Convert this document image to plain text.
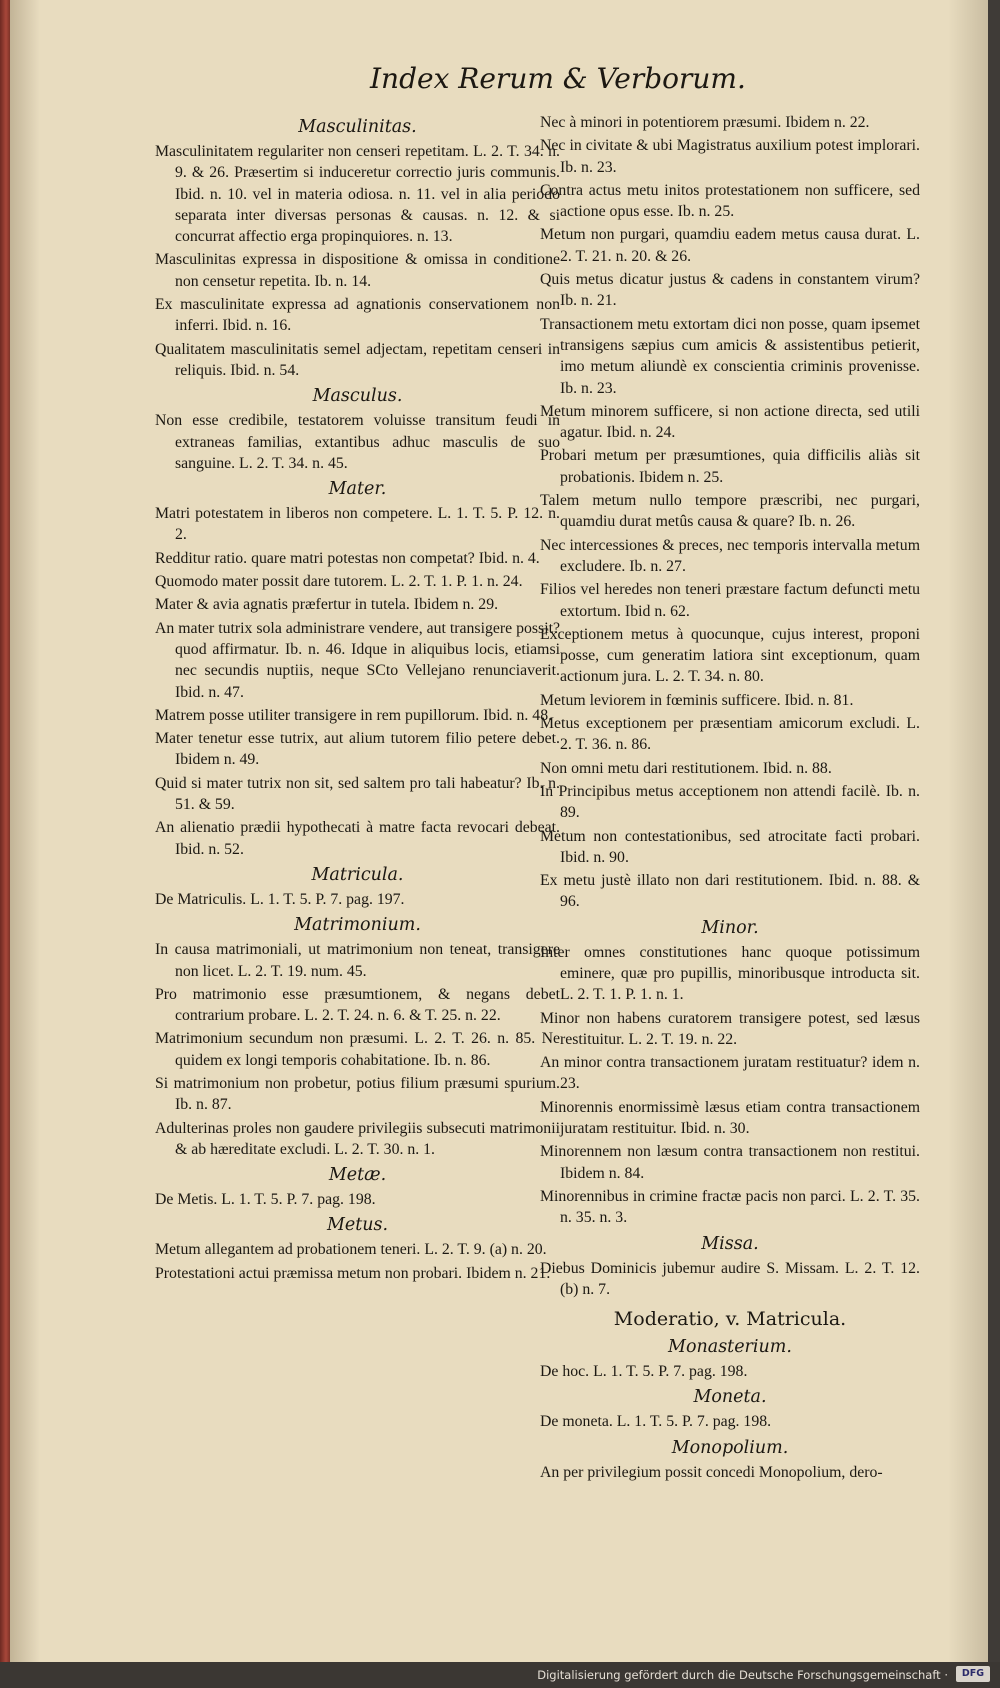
Index Rerum & Verborum.
Masculinitas.
Masculinitatem regulariter non censeri repetitam. L. 2. T. 34. n. 9. & 26. Præsertim si induceretur correctio juris communis. Ibid. n. 10. vel in materia odiosa. n. 11. vel in alia periodo separata inter diversas personas & causas. n. 12. & si concurrat affectio erga propinquiores. n. 13.
Masculinitas expressa in dispositione & omissa in conditione non censetur repetita. Ib. n. 14.
Ex masculinitate expressa ad agnationis conservationem non inferri. Ibid. n. 16.
Qualitatem masculinitatis semel adjectam, repetitam censeri in reliquis. Ibid. n. 54.
Masculus.
Non esse credibile, testatorem voluisse transitum feudi in extraneas familias, extantibus adhuc masculis de suo sanguine. L. 2. T. 34. n. 45.
Mater.
Matri potestatem in liberos non competere. L. 1. T. 5. P. 12. n. 2.
Redditur ratio. quare matri potestas non competat? Ibid. n. 4.
Quomodo mater possit dare tutorem. L. 2. T. 1. P. 1. n. 24.
Mater & avia agnatis præfertur in tutela. Ibidem n. 29.
An mater tutrix sola administrare vendere, aut transigere possit? quod affirmatur. Ib. n. 46. Idque in aliquibus locis, etiamsi nec secundis nuptiis, neque SCto Vellejano renunciaverit. Ibid. n. 47.
Matrem posse utiliter transigere in rem pupillorum. Ibid. n. 48.
Mater tenetur esse tutrix, aut alium tutorem filio petere debet. Ibidem n. 49.
Quid si mater tutrix non sit, sed saltem pro tali habeatur? Ib. n. 51. & 59.
An alienatio prædii hypothecati à matre facta revocari debeat. Ibid. n. 52.
Matricula.
De Matriculis. L. 1. T. 5. P. 7. pag. 197.
Matrimonium.
In causa matrimoniali, ut matrimonium non teneat, transigere non licet. L. 2. T. 19. num. 45.
Pro matrimonio esse præsumtionem, & negans debet contrarium probare. L. 2. T. 24. n. 6. & T. 25. n. 22.
Matrimonium secundum non præsumi. L. 2. T. 26. n. 85. Ne quidem ex longi temporis cohabitatione. Ib. n. 86.
Si matrimonium non probetur, potius filium præsumi spurium. Ib. n. 87.
Adulterinas proles non gaudere privilegiis subsecuti matrimonii & ab hæreditate excludi. L. 2. T. 30. n. 1.
Metæ.
De Metis. L. 1. T. 5. P. 7. pag. 198.
Metus.
Metum allegantem ad probationem teneri. L. 2. T. 9. (a) n. 20.
Protestationi actui præmissa metum non probari. Ibidem n. 21.
Nec à minori in potentiorem præsumi. Ibidem n. 22.
Nec in civitate & ubi Magistratus auxilium potest implorari. Ib. n. 23.
Contra actus metu initos protestationem non sufficere, sed actione opus esse. Ib. n. 25.
Metum non purgari, quamdiu eadem metus causa durat. L. 2. T. 21. n. 20. & 26.
Quis metus dicatur justus & cadens in constantem virum? Ib. n. 21.
Transactionem metu extortam dici non posse, quam ipsemet transigens sæpius cum amicis & assistentibus petierit, imo metum aliundè ex conscientia criminis provenisse. Ib. n. 23.
Metum minorem sufficere, si non actione directa, sed utili agatur. Ibid. n. 24.
Probari metum per præsumtiones, quia difficilis aliàs sit probationis. Ibidem n. 25.
Talem metum nullo tempore præscribi, nec purgari, quamdiu durat metûs causa & quare? Ib. n. 26.
Nec intercessiones & preces, nec temporis intervalla metum excludere. Ib. n. 27.
Filios vel heredes non teneri præstare factum defuncti metu extortum. Ibid n. 62.
Exceptionem metus à quocunque, cujus interest, proponi posse, cum generatim latiora sint exceptionum, quam actionum jura. L. 2. T. 34. n. 80.
Metum leviorem in fœminis sufficere. Ibid. n. 81.
Metus exceptionem per præsentiam amicorum excludi. L. 2. T. 36. n. 86.
Non omni metu dari restitutionem. Ibid. n. 88.
In Principibus metus acceptionem non attendi facilè. Ib. n. 89.
Metum non contestationibus, sed atrocitate facti probari. Ibid. n. 90.
Ex metu justè illato non dari restitutionem. Ibid. n. 88. & 96.
Minor.
Inter omnes constitutiones hanc quoque potissimum eminere, quæ pro pupillis, minoribusque introducta sit. L. 2. T. 1. P. 1. n. 1.
Minor non habens curatorem transigere potest, sed læsus restituitur. L. 2. T. 19. n. 22.
An minor contra transactionem juratam restituatur? idem n. 23.
Minorennis enormissimè læsus etiam contra transactionem juratam restituitur. Ibid. n. 30.
Minorennem non læsum contra transactionem non restitui. Ibidem n. 84.
Minorennibus in crimine fractæ pacis non parci. L. 2. T. 35. n. 35. n. 3.
Missa.
Diebus Dominicis jubemur audire S. Missam. L. 2. T. 12. (b) n. 7.
Moderatio, v. Matricula.
Monasterium.
De hoc. L. 1. T. 5. P. 7. pag. 198.
Moneta.
De moneta. L. 1. T. 5. P. 7. pag. 198.
Monopolium.
An per privilegium possit concedi Monopolium, dero-
Digitalisierung gefördert durch die Deutsche Forschungsgemeinschaft ·	DFG
